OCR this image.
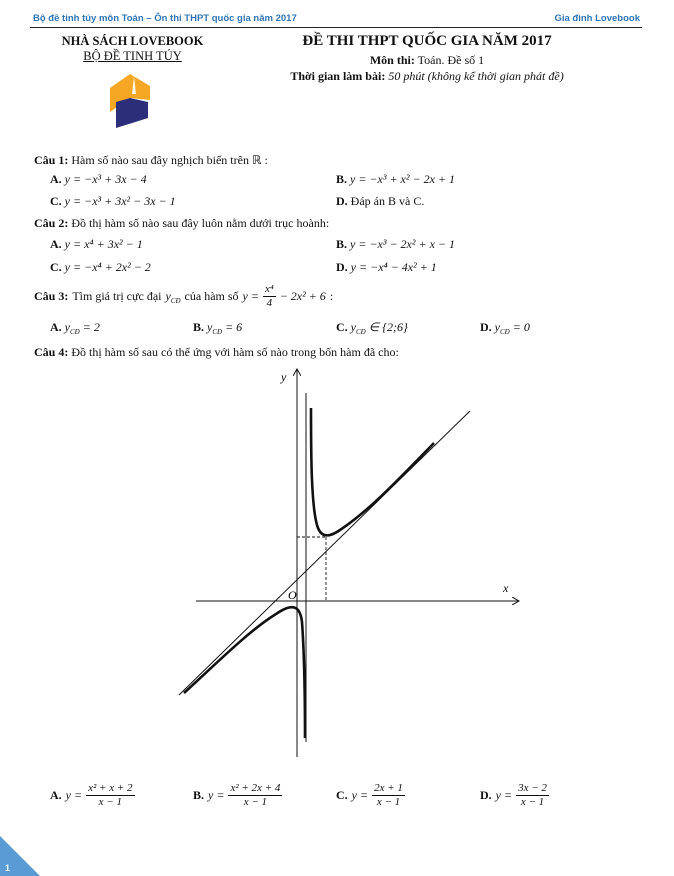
Bộ đề tinh túy môn Toán – Ôn thi THPT quốc gia năm 2017	Gia đình Lovebook
NHÀ SÁCH LOVEBOOK
BỘ ĐỀ TINH TÚY
ĐỀ THI THPT QUỐC GIA NĂM 2017
Môn thi: Toán. Đề số 1
Thời gian làm bài: 50 phút (không kể thời gian phát đề)
Câu 1: Hàm số nào sau đây nghịch biến trên ℝ :
A. y = −x³ + 3x − 4	B. y = −x³ + x² − 2x + 1
C. y = −x³ + 3x² − 3x − 1	D. Đáp án B và C.
Câu 2: Đồ thị hàm số nào sau đây luôn nằm dưới trục hoành:
A. y = x⁴ + 3x² − 1	B. y = −x³ − 2x² + x − 1
C. y = −x⁴ + 2x² − 2	D. y = −x⁴ − 4x² + 1
Câu 3: Tìm giá trị cực đại $y_{CĐ}$ của hàm số $y = \frac{\text{x⁴}}{4} - 2x^2 + 6$ :
A. $y_{CĐ} = 2$	B. $y_{CĐ} = 6$	C. $y_{CĐ}$ ∈ {2;6}	D. $y_{CĐ} = 0$
Câu 4: Đồ thị hàm số sau có thể ứng với hàm số nào trong bốn hàm đã cho:
x
y
O
A. $y = \frac{\text{x² + x + 2}}{x - 1}$	B. $y = \frac{\text{x² + 2x + 4}}{x - 1}$	C. $y = \frac{2x + 1}{x - 1}$	D. $y = \frac{3x - 2}{x - 1}$
1
